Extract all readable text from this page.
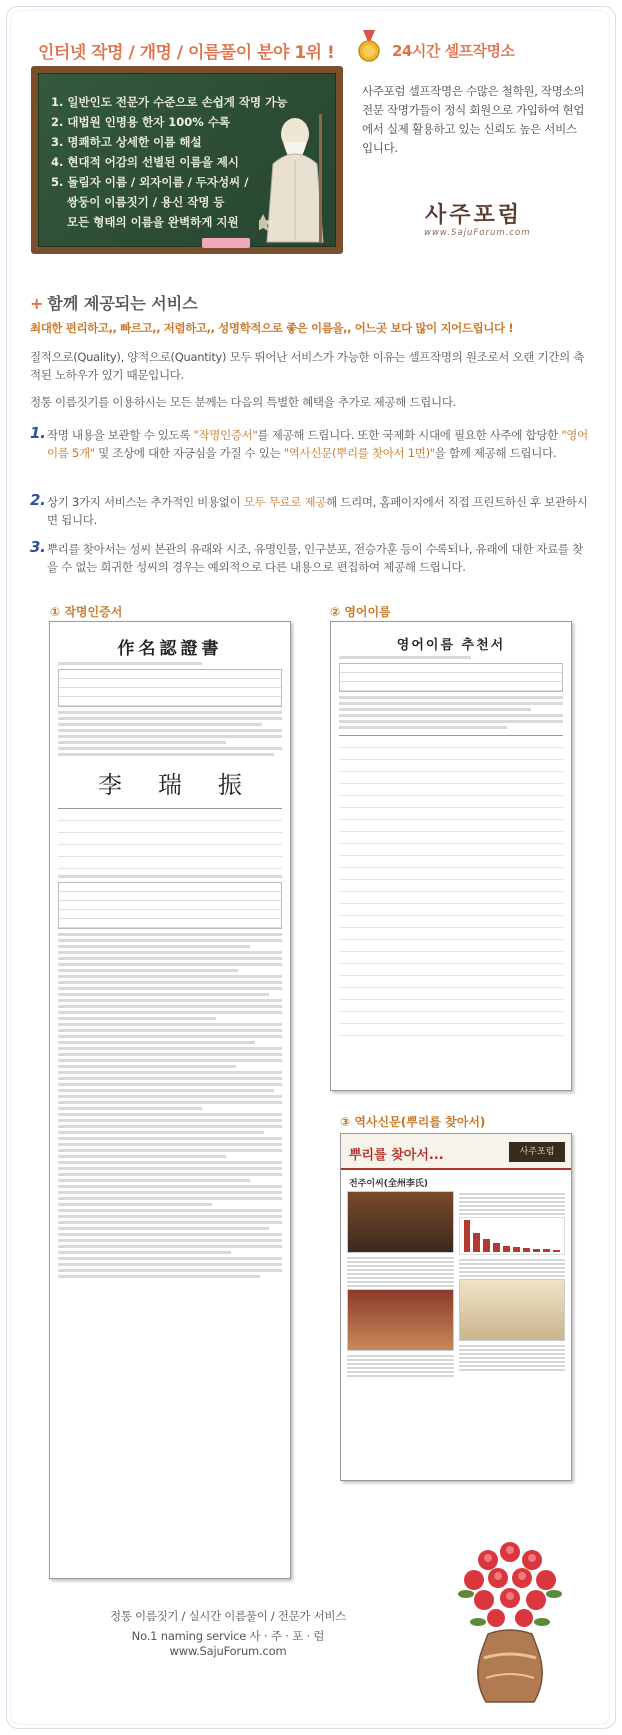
인터넷 작명 / 개명 / 이름풀이 분야 1위 !	24시간 셀프작명소
1. 일반인도 전문가 수준으로 손쉽게 작명 가능
2. 대법원 인명용 한자 100% 수록
3. 명쾌하고 상세한 이름 해설
4. 현대적 어감의 선별된 이름을 제시
5. 돌림자 이름 / 외자이름 / 두자성씨 /
쌍둥이 이름짓기 / 용신 작명 등
모든 형태의 이름을 완벽하게 지원
사주포럼 셀프작명은 수많은 철학원, 작명소의 전문 작명가들이 정식 회원으로 가입하여 현업에서 실제 활용하고 있는 신뢰도 높은 서비스입니다.
사주포럼
www.SajuForum.com
+ 함께 제공되는 서비스
최대한 편리하고,, 빠르고,, 저렴하고,, 성명학적으로 좋은 이름을,, 어느곳 보다 많이 지어드립니다 !
질적으로(Quality), 양적으로(Quantity) 모두 뛰어난 서비스가 가능한 이유는 셀프작명의 원조로서 오랜 기간의 축적된 노하우가 있기 때문입니다.
정통 이름짓기를 이용하시는 모든 분께는 다음의 특별한 혜택을 추가로 제공해 드립니다.
1. 작명 내용을 보관할 수 있도록 "작명인증서"를 제공해 드립니다. 또한 국제화 시대에 필요한 사주에 합당한 "영어이름 5개" 및 조상에 대한 자긍심을 가질 수 있는 "역사신문(뿌리를 찾아서 1면)"을 함께 제공해 드립니다.
2. 상기 3가지 서비스는 추가적인 비용없이 모두 무료로 제공해 드리며, 홈페이지에서 직접 프린트하신 후 보관하시면 됩니다.
3. 뿌리를 찾아서는 성씨 본관의 유래와 시조, 유명인물, 인구분포, 전승가훈 등이 수록되나, 유래에 대한 자료를 찾을 수 없는 희귀한 성씨의 경우는 예외적으로 다른 내용으로 편집하여 제공해 드립니다.
① 작명인증서	② 영어이름
③ 역사신문(뿌리를 찾아서)
作名認證書
李 瑞 振
영어이름 추천서
뿌리를 찾아서...	사주포럼
전주이씨(全州李氏)
정통 이름짓기 / 실시간 이름풀이 / 전문가 서비스
No.1 naming service 사 · 주 · 포 · 럼 www.SajuForum.com
